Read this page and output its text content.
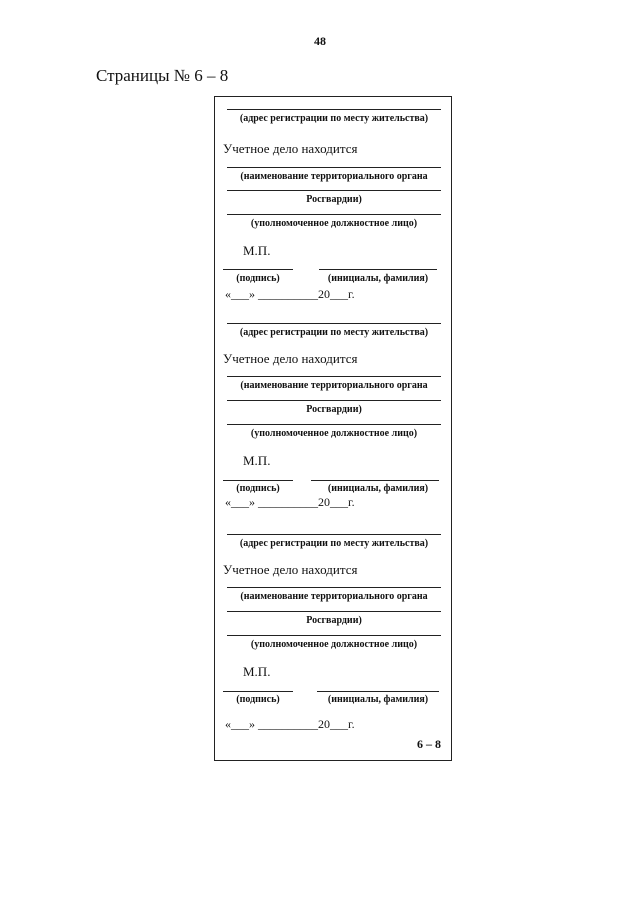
48
Страницы № 6 – 8
(адрес регистрации по месту жительства)
Учетное дело находится
(наименование территориального органа
Росгвардии)
(уполномоченное должностное лицо)
М.П.
(подпись)	(инициалы, фамилия)
«___» __________20___г.
(адрес регистрации по месту жительства)
Учетное дело находится
(наименование территориального органа
Росгвардии)
(уполномоченное должностное лицо)
М.П.
(подпись)	(инициалы, фамилия)
«___» __________20___г.
(адрес регистрации по месту жительства)
Учетное дело находится
(наименование территориального органа
Росгвардии)
(уполномоченное должностное лицо)
М.П.
(подпись)	(инициалы, фамилия)
«___» __________20___г.
6 – 8
